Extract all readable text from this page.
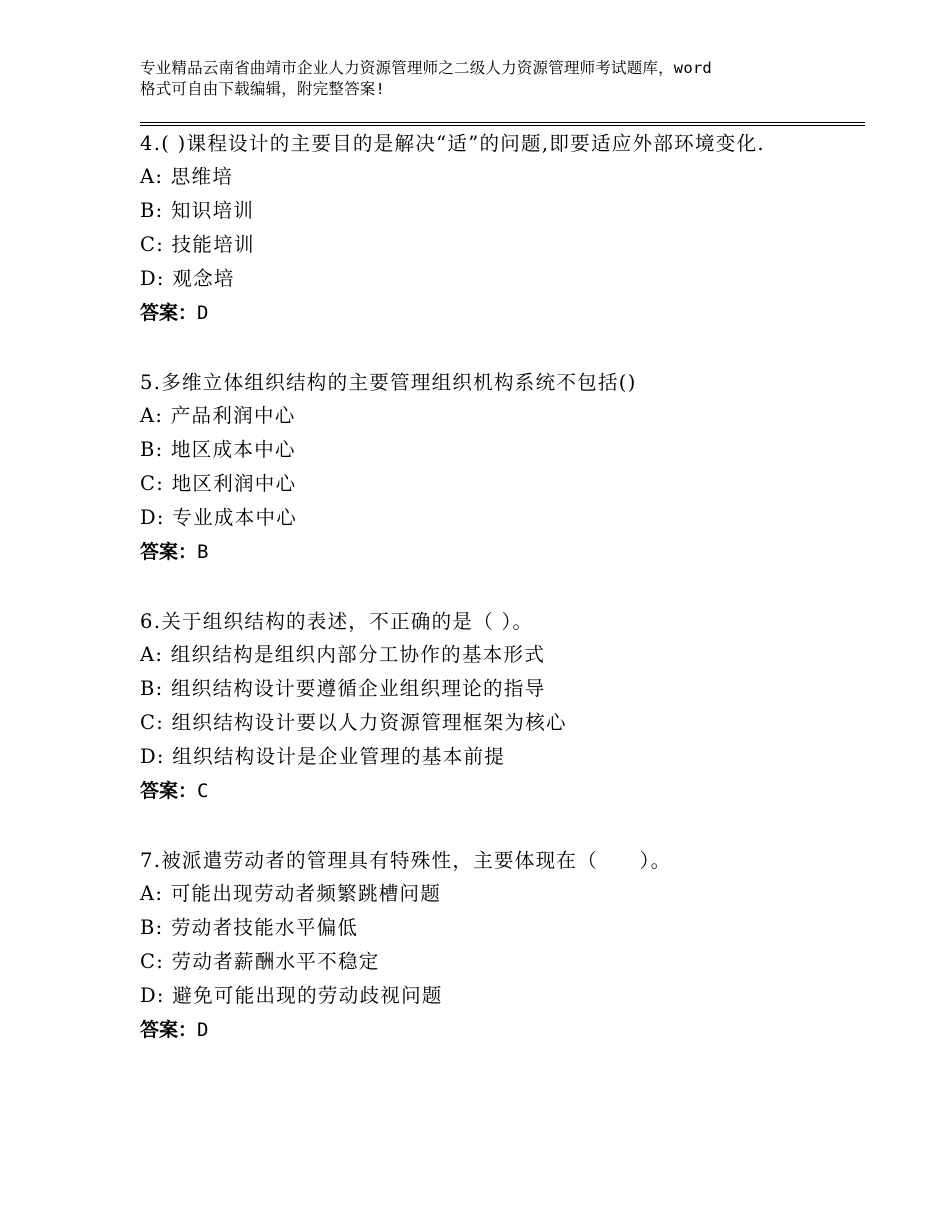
专业精品云南省曲靖市企业人力资源管理师之二级人力资源管理师考试题库，word
格式可自由下载编辑，附完整答案!
4.( )课程设计的主要目的是解决“适”的问题,即要适应外部环境变化.
A: 思维培
B: 知识培训
C: 技能培训
D: 观念培
答案：D
5.多维立体组织结构的主要管理组织机构系统不包括()
A: 产品利润中心
B: 地区成本中心
C: 地区利润中心
D: 专业成本中心
答案：B
6.关于组织结构的表述，不正确的是（ ）。
A: 组织结构是组织内部分工协作的基本形式
B: 组织结构设计要遵循企业组织理论的指导
C: 组织结构设计要以人力资源管理框架为核心
D: 组织结构设计是企业管理的基本前提
答案：C
7.被派遣劳动者的管理具有特殊性，主要体现在（　　）。
A: 可能出现劳动者频繁跳槽问题
B: 劳动者技能水平偏低
C: 劳动者薪酬水平不稳定
D: 避免可能出现的劳动歧视问题
答案：D
